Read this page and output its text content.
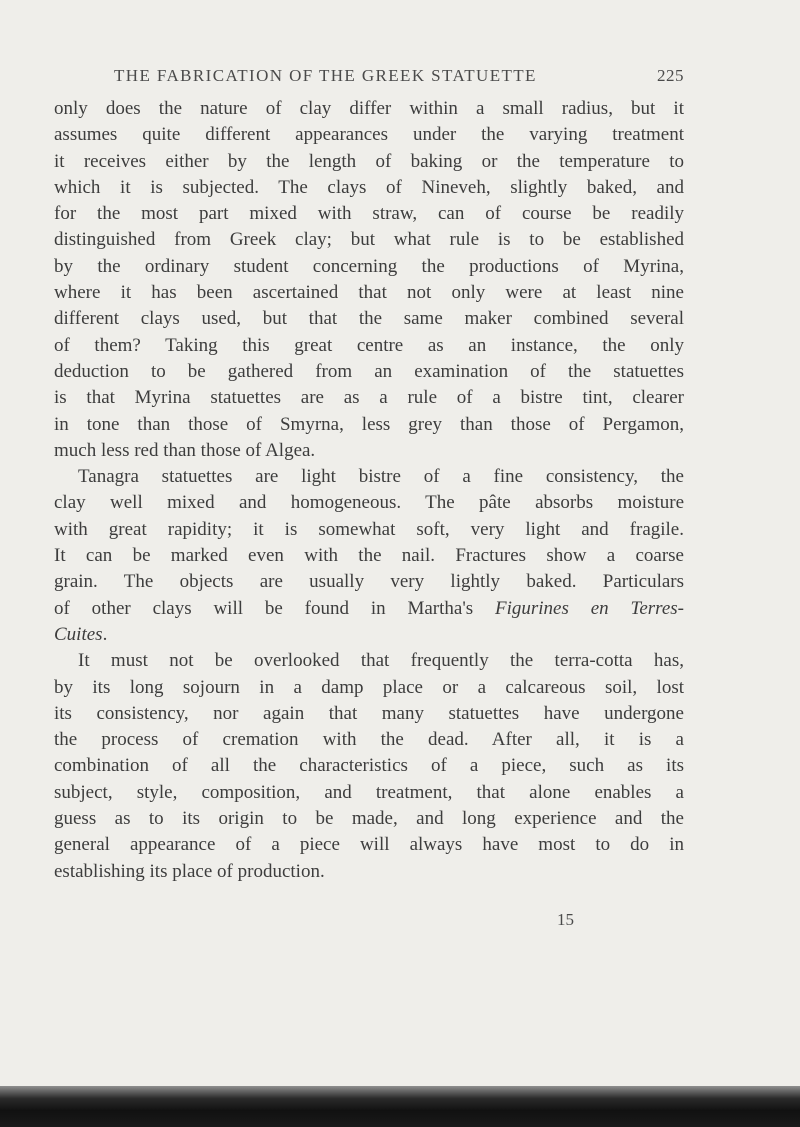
THE FABRICATION OF THE GREEK STATUETTE	225
only does the nature of clay differ within a small radius, but it
assumes quite different appearances under the varying treatment
it receives either by the length of baking or the temperature to
which it is subjected. The clays of Nineveh, slightly baked, and
for the most part mixed with straw, can of course be readily
distinguished from Greek clay; but what rule is to be established
by the ordinary student concerning the productions of Myrina,
where it has been ascertained that not only were at least nine
different clays used, but that the same maker combined several
of them? Taking this great centre as an instance, the only
deduction to be gathered from an examination of the statuettes
is that Myrina statuettes are as a rule of a bistre tint, clearer
in tone than those of Smyrna, less grey than those of Pergamon,
much less red than those of Algea.
Tanagra statuettes are light bistre of a fine consistency, the
clay well mixed and homogeneous. The pâte absorbs moisture
with great rapidity; it is somewhat soft, very light and fragile.
It can be marked even with the nail. Fractures show a coarse
grain. The objects are usually very lightly baked. Particulars
of other clays will be found in Martha's Figurines en Terres-
Cuites.
It must not be overlooked that frequently the terra-cotta has,
by its long sojourn in a damp place or a calcareous soil, lost
its consistency, nor again that many statuettes have undergone
the process of cremation with the dead. After all, it is a
combination of all the characteristics of a piece, such as its
subject, style, composition, and treatment, that alone enables a
guess as to its origin to be made, and long experience and the
general appearance of a piece will always have most to do in
establishing its place of production.
15
